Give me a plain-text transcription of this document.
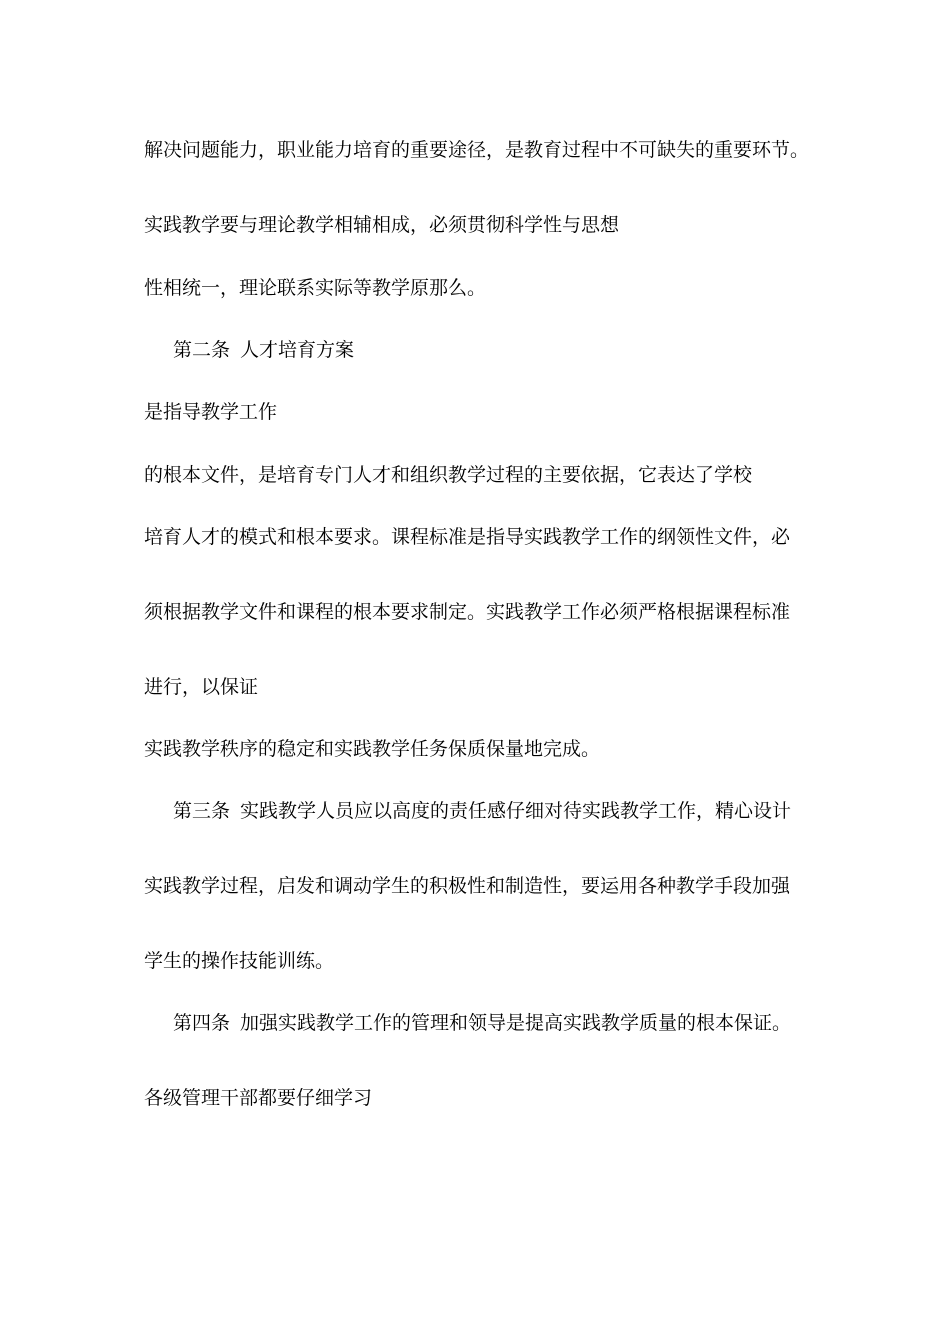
解决问题能力，职业能力培育的重要途径，是教育过程中不可缺失的重要环节。
实践教学要与理论教学相辅相成，必须贯彻科学性与思想
性相统一，理论联系实际等教学原那么。
第二条 人才培育方案
是指导教学工作
的根本文件，是培育专门人才和组织教学过程的主要依据，它表达了学校
培育人才的模式和根本要求。课程标准是指导实践教学工作的纲领性文件，必
须根据教学文件和课程的根本要求制定。实践教学工作必须严格根据课程标准
进行，以保证
实践教学秩序的稳定和实践教学任务保质保量地完成。
第三条 实践教学人员应以高度的责任感仔细对待实践教学工作，精心设计
实践教学过程，启发和调动学生的积极性和制造性，要运用各种教学手段加强
学生的操作技能训练。
第四条 加强实践教学工作的管理和领导是提高实践教学质量的根本保证。
各级管理干部都要仔细学习
